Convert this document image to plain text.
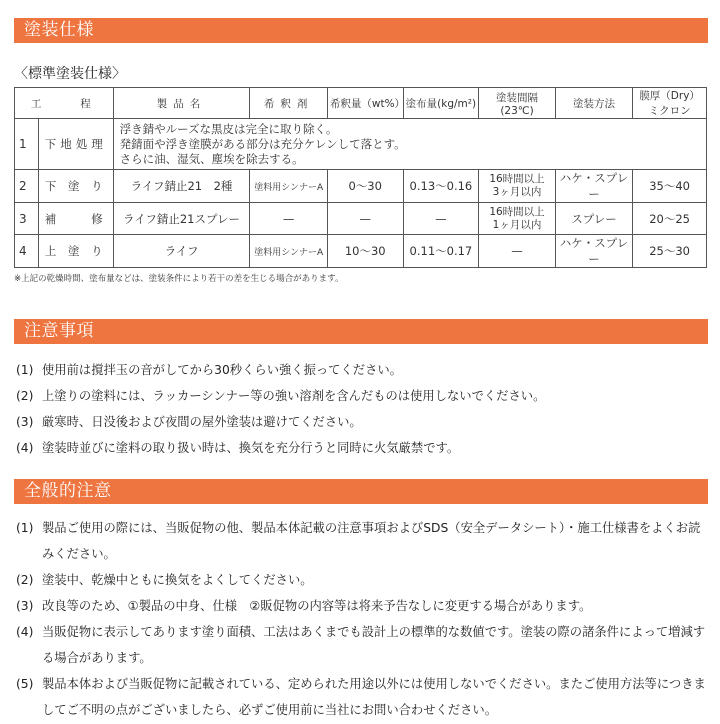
塗装仕様
〈標準塗装仕様〉
工　　程		製品名	希釈剤	希釈量（wt%）	塗布量(kg/m²)	塗装間隔(23℃)	塗装方法	膜厚（Dry）
ミクロン

1	下地処理	浮き錆やルーズな黒皮は完全に取り除く。
発錆面や浮き塗膜がある部分は充分ケレンして落とす。
さらに油、湿気、塵埃を除去する。						

2	下 塗 り	ライフ錆止21　2種	塗料用シンナーA	0〜30	0.13〜0.16	16時間以上
3ヶ月以内	ハケ・スプレー	35〜40
3	補　　修	ライフ錆止21スプレー	—	—	—	16時間以上
1ヶ月以内	スプレー	20〜25
4	上 塗 り	ライフ	塗料用シンナーA	10〜30	0.11〜0.17	—	ハケ・スプレー	25〜30
※上記の乾燥時間、塗布量などは、塗装条件により若干の差を生じる場合があります。
注意事項
(1) 使用前は撹拌玉の音がしてから30秒くらい強く振ってください。
(2) 上塗りの塗料には、ラッカーシンナー等の強い溶剤を含んだものは使用しないでください。
(3) 厳寒時、日没後および夜間の屋外塗装は避けてください。
(4) 塗装時並びに塗料の取り扱い時は、換気を充分行うと同時に火気厳禁です。
全般的注意
(1) 製品ご使用の際には、当販促物の他、製品本体記載の注意事項およびSDS（安全データシート）・施工仕様書をよくお読みください。
(2) 塗装中、乾燥中ともに換気をよくしてください。
(3) 改良等のため、①製品の中身、仕様　②販促物の内容等は将来予告なしに変更する場合があります。
(4) 当販促物に表示してあります塗り面積、工法はあくまでも設計上の標準的な数値です。塗装の際の諸条件によって増減する場合があります。
(5) 製品本体および当販促物に記載されている、定められた用途以外には使用しないでください。またご使用方法等につきましてご不明の点がございましたら、必ずご使用前に当社にお問い合わせください。
